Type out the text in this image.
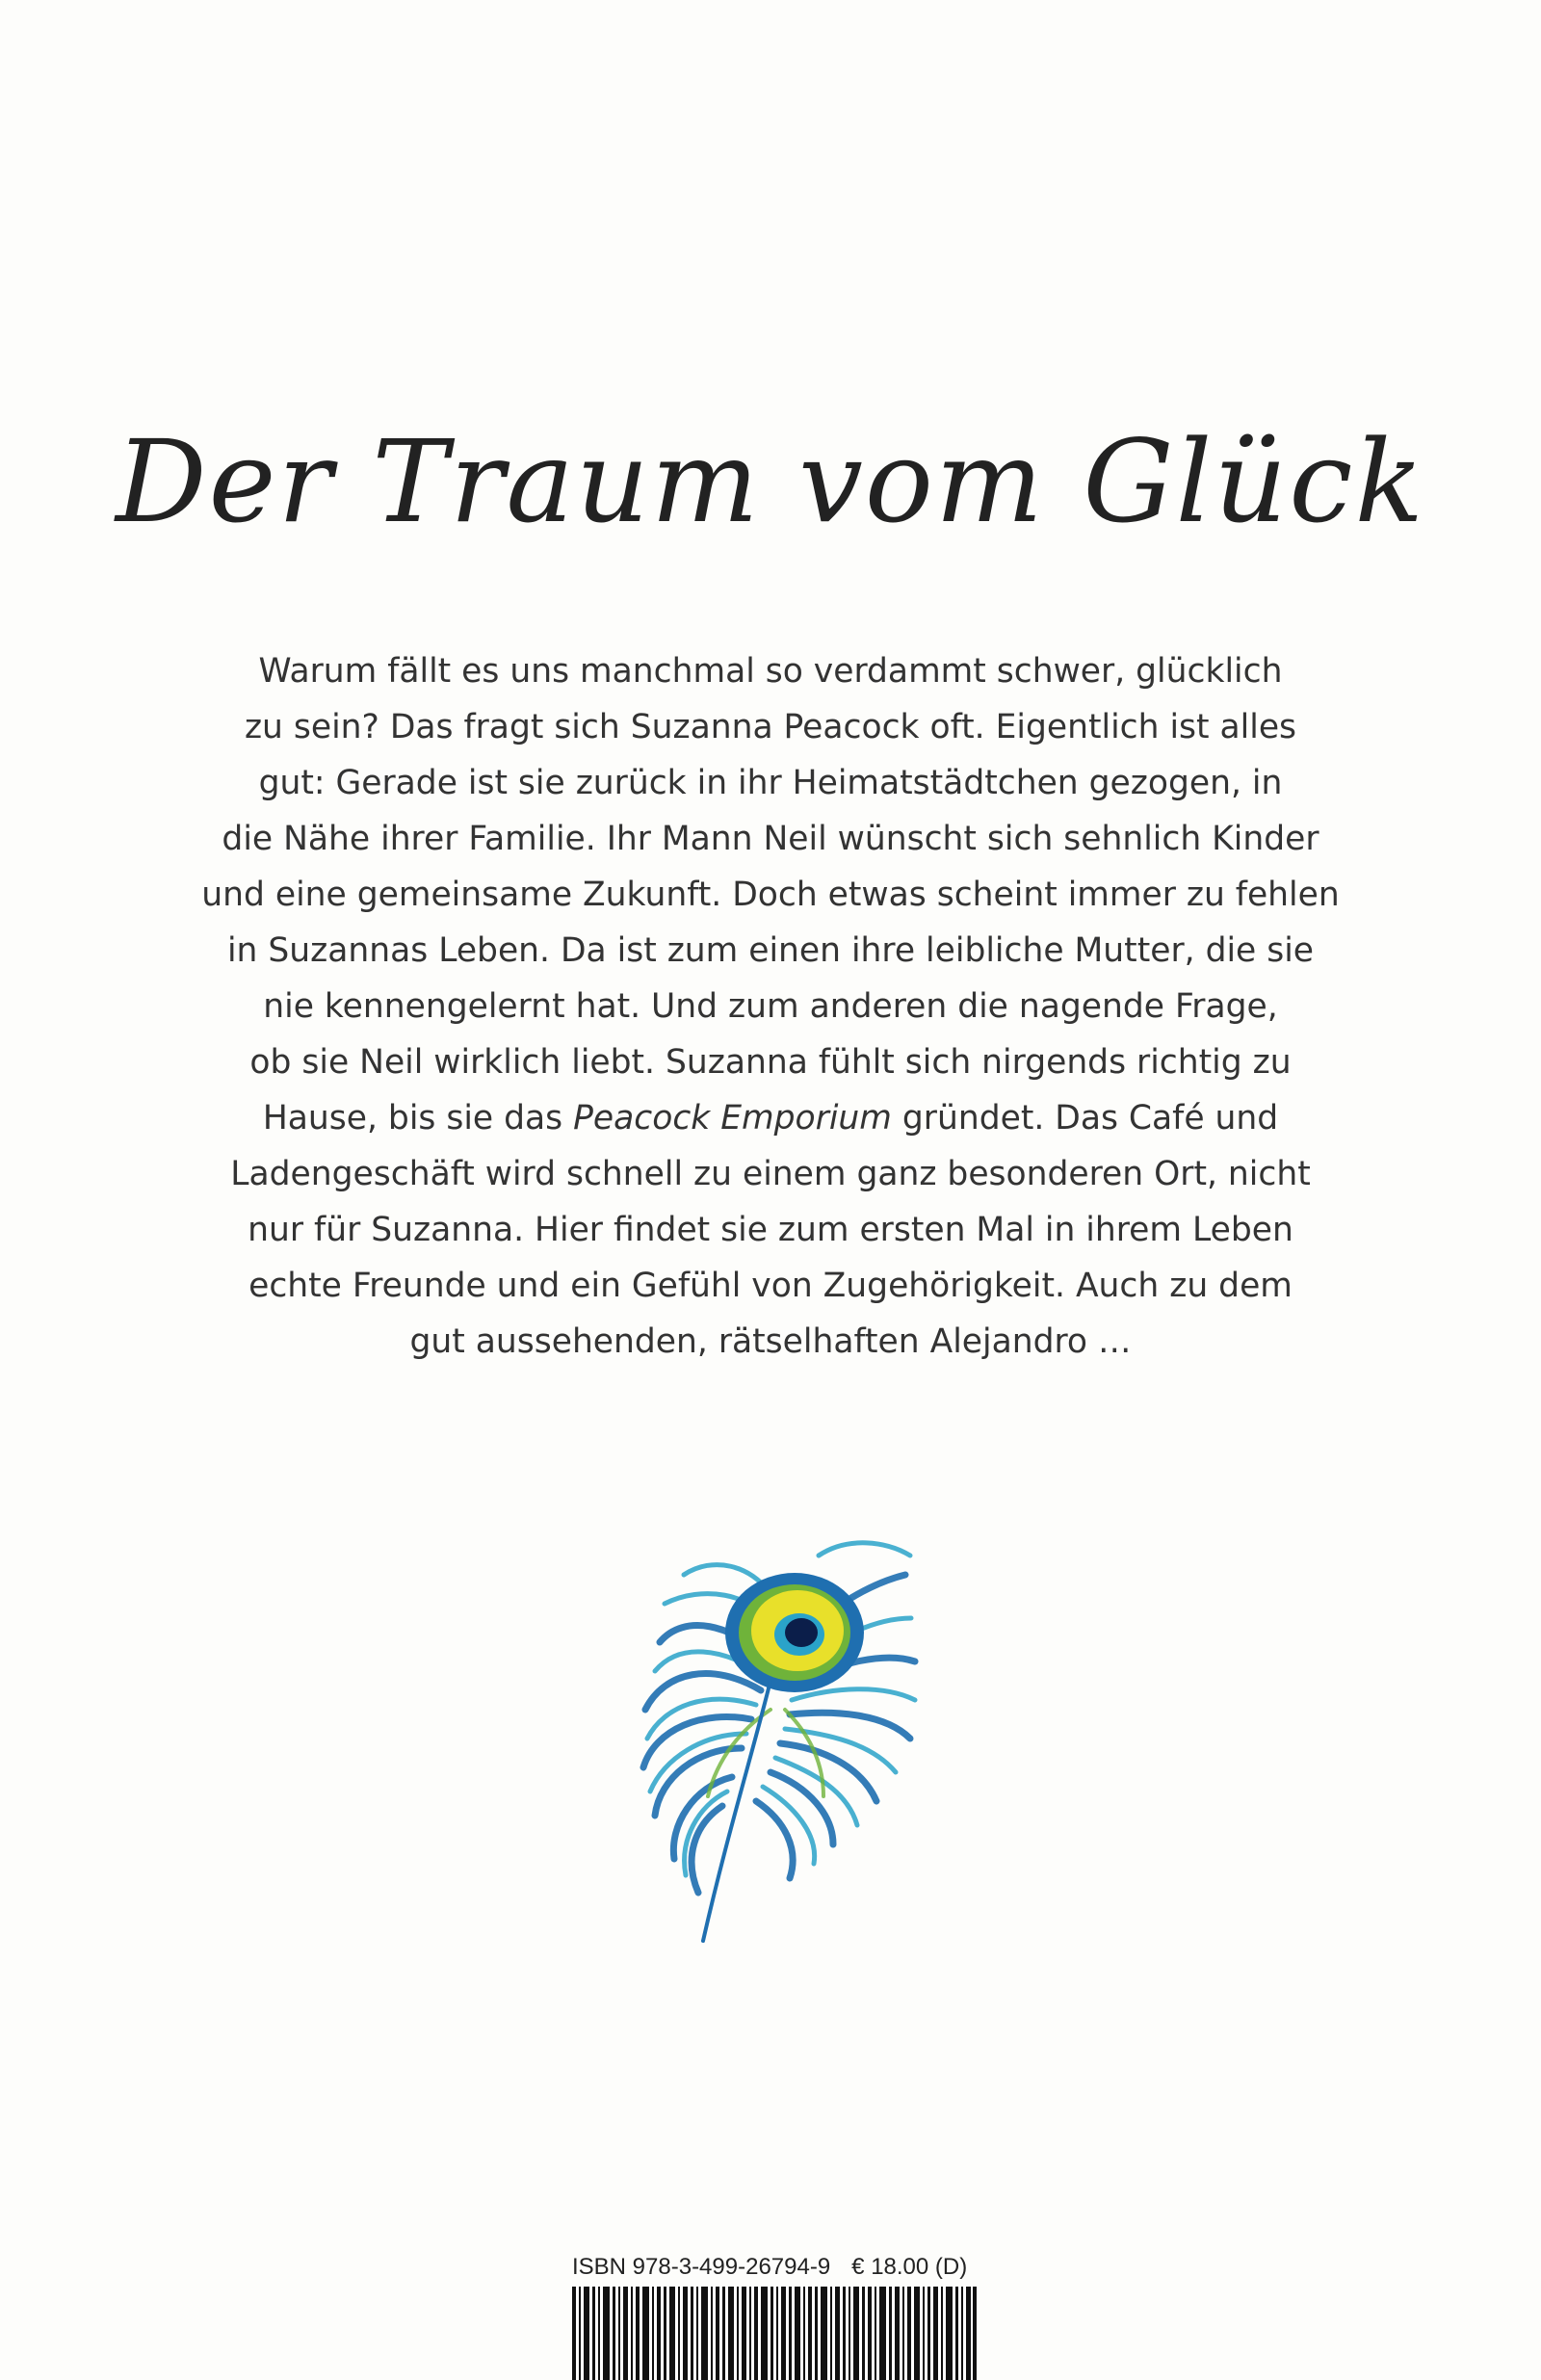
Der Traum vom Glück
Warum fällt es uns manchmal so verdammt schwer, glücklich
zu sein? Das fragt sich Suzanna Peacock oft. Eigentlich ist alles
gut: Gerade ist sie zurück in ihr Heimatstädtchen gezogen, in
die Nähe ihrer Familie. Ihr Mann Neil wünscht sich sehnlich Kinder
und eine gemeinsame Zukunft. Doch etwas scheint immer zu fehlen
in Suzannas Leben. Da ist zum einen ihre leibliche Mutter, die sie
nie kennengelernt hat. Und zum anderen die nagende Frage,
ob sie Neil wirklich liebt. Suzanna fühlt sich nirgends richtig zu
Hause, bis sie das Peacock Emporium gründet. Das Café und
Ladengeschäft wird schnell zu einem ganz besonderen Ort, nicht
nur für Suzanna. Hier findet sie zum ersten Mal in ihrem Leben
echte Freunde und ein Gefühl von Zugehörigkeit. Auch zu dem
gut aussehenden, rätselhaften Alejandro …
ISBN 978-3-499-26794-9 € 18.00 (D)
